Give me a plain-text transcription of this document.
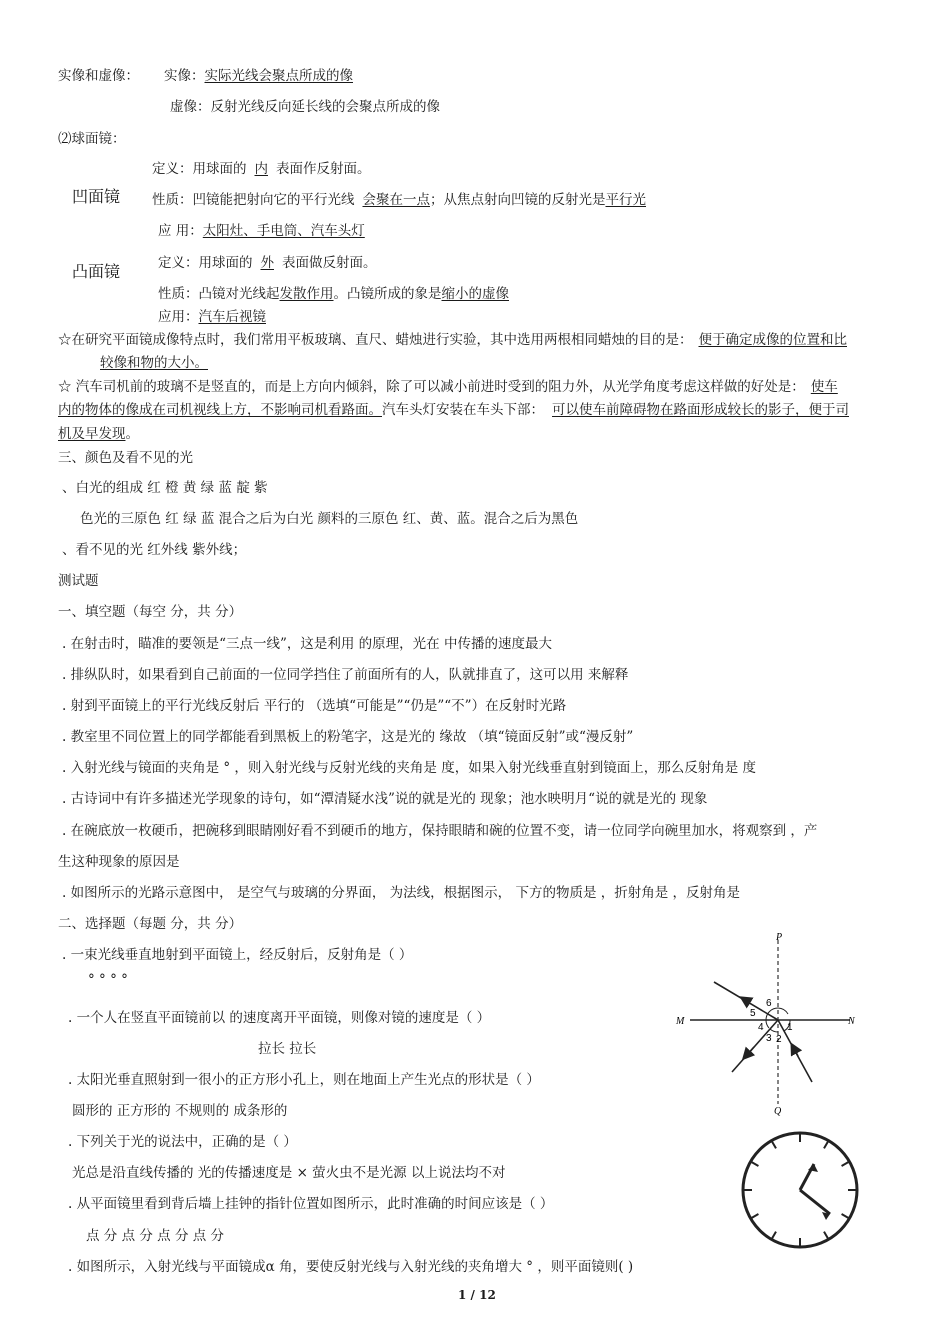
实像和虚像： 实像：实际光线会聚点所成的像
虚像：反射光线反向延长线的会聚点所成的像
⑵球面镜：
凹面镜
凸面镜
定义：用球面的 内 表面作反射面。
性质：凹镜能把射向它的平行光线 会聚在一点；从焦点射向凹镜的反射光是平行光
应 用：太阳灶、手电筒、汽车头灯
定义：用球面的 外 表面做反射面。
性质：凸镜对光线起发散作用。凸镜所成的象是缩小的虚像
应用：汽车后视镜
☆在研究平面镜成像特点时，我们常用平板玻璃、直尺、蜡烛进行实验，其中选用两根相同蜡烛的目的是： 便于确定成像的位置和比
较像和物的大小。
☆ 汽车司机前的玻璃不是竖直的，而是上方向内倾斜，除了可以减小前进时受到的阻力外，从光学角度考虑这样做的好处是： 使车
内的物体的像成在司机视线上方，不影响司机看路面。汽车头灯安装在车头下部： 可以使车前障碍物在路面形成较长的影子，便于司
机及早发现。
三、颜色及看不见的光
、白光的组成 红 橙 黄 绿 蓝 靛 紫
色光的三原色 红 绿 蓝 混合之后为白光 颜料的三原色 红、黄、蓝。混合之后为黑色
、看不见的光 红外线 紫外线；
测试题
一、填空题（每空 分，共 分）
. 在射击时，瞄准的要领是“三点一线”，这是利用 的原理，光在 中传播的速度最大
. 排纵队时，如果看到自己前面的一位同学挡住了前面所有的人，队就排直了，这可以用 来解释
. 射到平面镜上的平行光线反射后 平行的 （选填“可能是”“仍是”“不”）在反射时光路
. 教室里不同位置上的同学都能看到黑板上的粉笔字，这是光的 缘故 （填“镜面反射”或“漫反射”
. 入射光线与镜面的夹角是 ° ，则入射光线与反射光线的夹角是 度，如果入射光线垂直射到镜面上，那么反射角是 度
. 古诗词中有许多描述光学现象的诗句，如“潭清疑水浅”说的就是光的 现象；池水映明月“说的就是光的 现象
. 在碗底放一枚硬币，把碗移到眼睛刚好看不到硬币的地方，保持眼睛和碗的位置不变，请一位同学向碗里加水，将观察到 ，产
生这种现象的原因是
. 如图所示的光路示意图中， 是空气与玻璃的分界面， 为法线，根据图示， 下方的物质是 ，折射角是 ，反射角是
二、选择题（每题 分，共 分）
. 一束光线垂直地射到平面镜上，经反射后，反射角是（ ）
° ° ° °
. 一个人在竖直平面镜前以 的速度离开平面镜，则像对镜的速度是（ ）
拉长 拉长
. 太阳光垂直照射到一很小的正方形小孔上，则在地面上产生光点的形状是（ ）
圆形的 正方形的 不规则的 成条形的
. 下列关于光的说法中，正确的是（ ）
光总是沿直线传播的 光的传播速度是 × 萤火虫不是光源 以上说法均不对
. 从平面镜里看到背后墙上挂钟的指针位置如图所示，此时准确的时间应该是（ ）
点 分 点 分 点 分 点 分
. 如图所示，入射光线与平面镜成α 角，要使反射光线与入射光线的夹角增大 ° ，则平面镜则( )
1 / 12
P
Q
M	N
1
2
3
4
5
6
